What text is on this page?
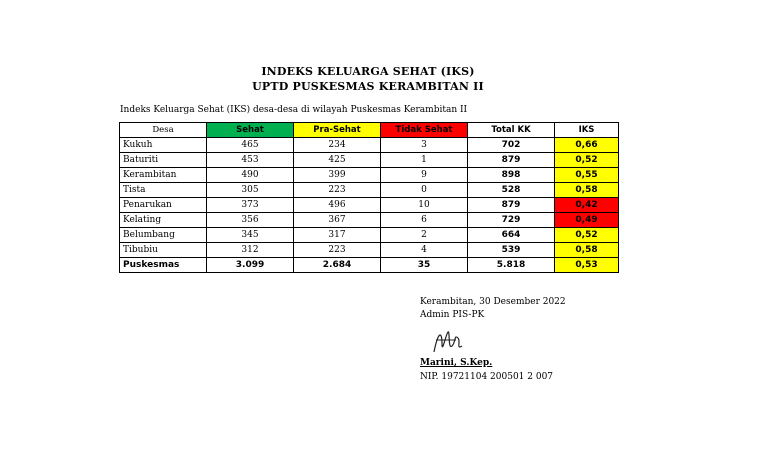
INDEKS KELUARGA SEHAT (IKS)
UPTD PUSKESMAS KERAMBITAN II
Indeks Keluarga Sehat (IKS) desa-desa di wilayah Puskesmas Kerambitan II
Desa	Sehat	Pra-Sehat	Tidak Sehat	Total KK	IKS
Kukuh	465	234	3	702	0,66
Baturiti	453	425	1	879	0,52
Kerambitan	490	399	9	898	0,55
Tista	305	223	0	528	0,58
Penarukan	373	496	10	879	0,42
Kelating	356	367	6	729	0,49
Belumbang	345	317	2	664	0,52
Tibubiu	312	223	4	539	0,58
Puskesmas	3.099	2.684	35	5.818	0,53
Kerambitan, 30 Desember 2022
Admin PIS-PK
Marini, S.Kep.
NIP. 19721104 200501 2 007
